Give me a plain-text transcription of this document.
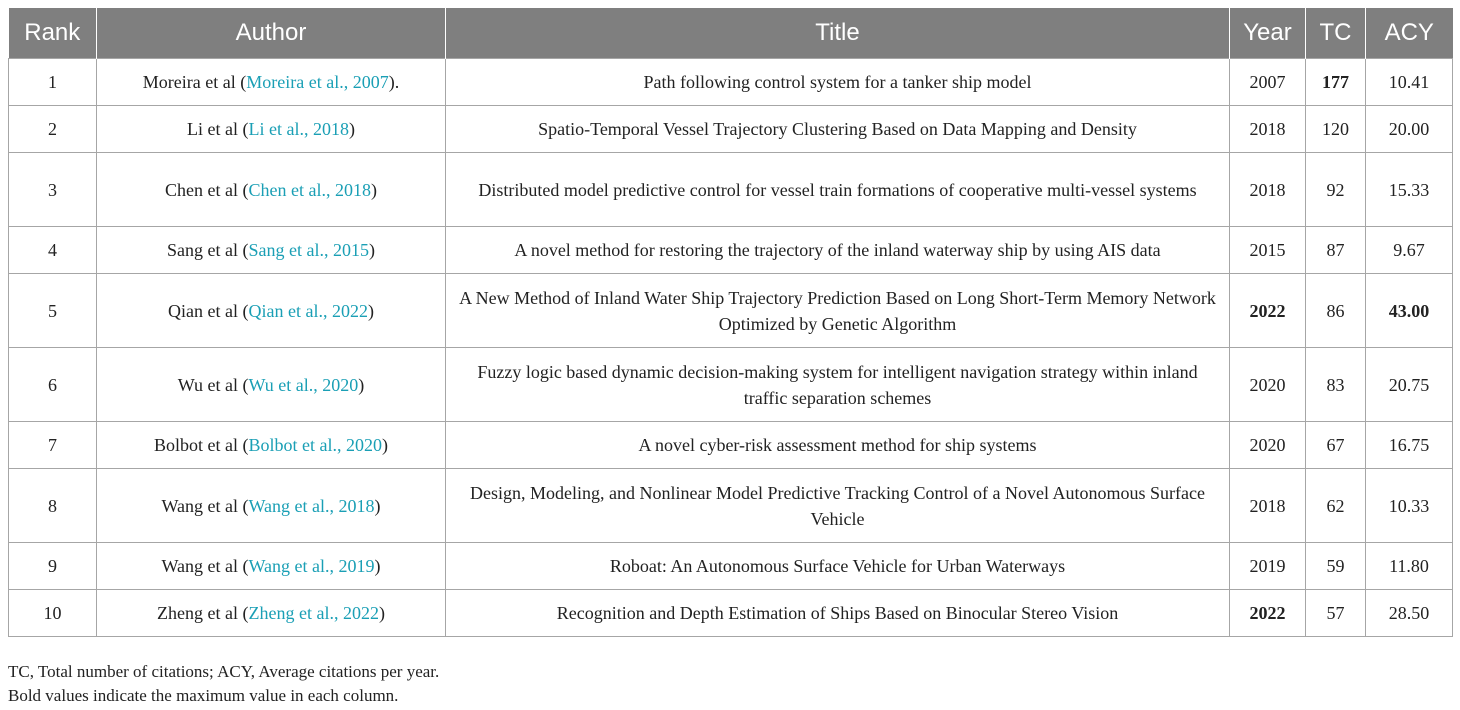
Rank	Author	Title	Year	TC	ACY
1	Moreira et al (Moreira et al., 2007).	Path following control system for a tanker ship model	2007	177	10.41
2	Li et al (Li et al., 2018)	Spatio-Temporal Vessel Trajectory Clustering Based on Data Mapping and Density	2018	120	20.00
3	Chen et al (Chen et al., 2018)	Distributed model predictive control for vessel train formations of cooperative multi-vessel systems	2018	92	15.33
4	Sang et al (Sang et al., 2015)	A novel method for restoring the trajectory of the inland waterway ship by using AIS data	2015	87	9.67
5	Qian et al (Qian et al., 2022)	A New Method of Inland Water Ship Trajectory Prediction Based on Long Short-Term Memory Network Optimized by Genetic Algorithm	2022	86	43.00
6	Wu et al (Wu et al., 2020)	Fuzzy logic based dynamic decision-making system for intelligent navigation strategy within inland traffic separation schemes	2020	83	20.75
7	Bolbot et al (Bolbot et al., 2020)	A novel cyber-risk assessment method for ship systems	2020	67	16.75
8	Wang et al (Wang et al., 2018)	Design, Modeling, and Nonlinear Model Predictive Tracking Control of a Novel Autonomous Surface Vehicle	2018	62	10.33
9	Wang et al (Wang et al., 2019)	Roboat: An Autonomous Surface Vehicle for Urban Waterways	2019	59	11.80
10	Zheng et al (Zheng et al., 2022)	Recognition and Depth Estimation of Ships Based on Binocular Stereo Vision	2022	57	28.50
TC, Total number of citations; ACY, Average citations per year.
Bold values indicate the maximum value in each column.
